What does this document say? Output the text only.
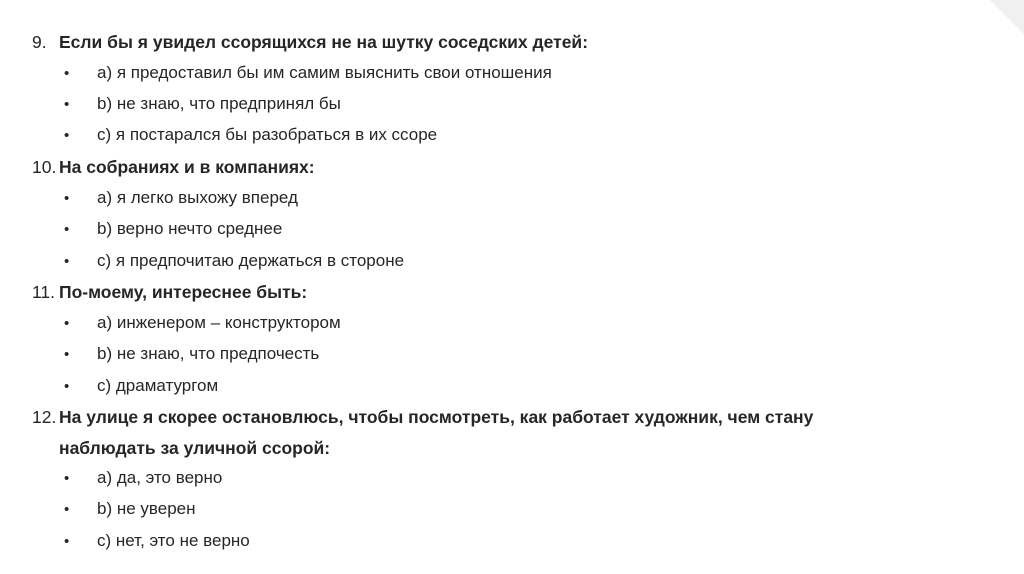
9. Если бы я увидел ссорящихся не на шутку соседских детей:
• a) я предоставил бы им самим выяснить свои отношения
• b) не знаю, что предпринял бы
• c) я постарался бы разобраться в их ссоре
10. На собраниях и в компаниях:
• a) я легко выхожу вперед
• b) верно нечто среднее
• c) я предпочитаю держаться в стороне
11. По-моему, интереснее быть:
• a) инженером – конструктором
• b) не знаю, что предпочесть
• c) драматургом
12. На улице я скорее остановлюсь, чтобы посмотреть, как работает художник, чем стану наблюдать за уличной ссорой:
• a) да, это верно
• b) не уверен
• c) нет, это не верно
